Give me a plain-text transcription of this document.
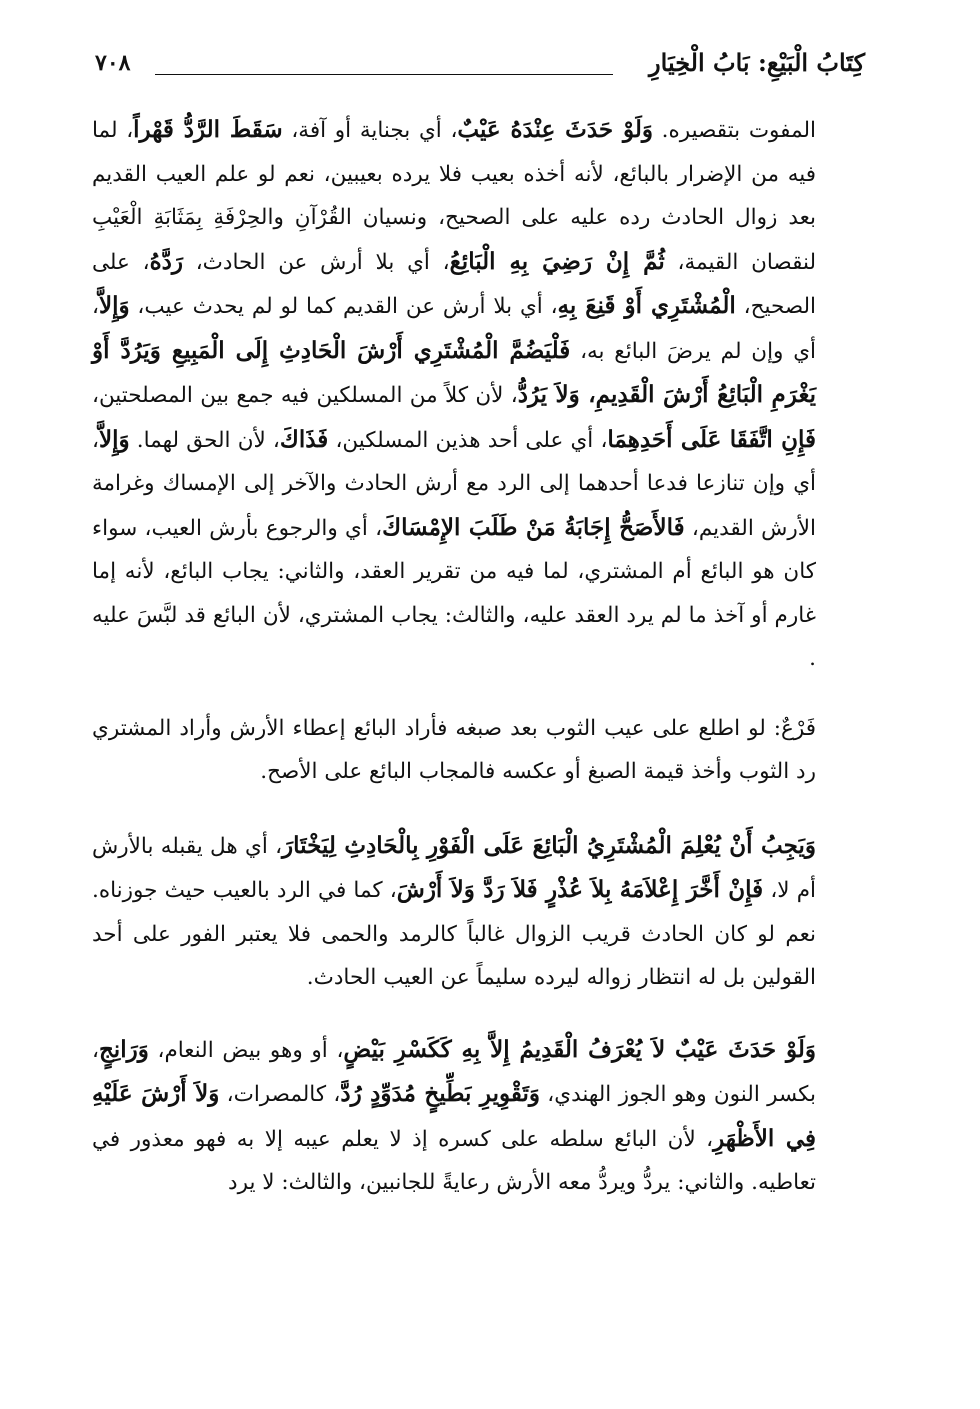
كِتَابُ الْبَيْعِ: بَابُ الْخِيَارِ
٧٠٨

المفوت بتقصيره. وَلَوْ حَدَثَ عِنْدَهُ عَيْبٌ، أي بجناية أو آفة، سَقَطَ الرَّدُّ قَهْراً، لما فيه من الإضرار بالبائع، لأنه أخذه بعيب فلا يرده بعيبين، نعم لو علم العيب القديم بعد زوال الحادث رده عليه على الصحيح، ونسيان القُرْآنِ والحِرْفَةِ بِمَثَابَةِ الْعَيْبِ لنقصان القيمة، ثُمَّ إِنْ رَضِيَ بِهِ الْبَائِعُ، أي بلا أرش عن الحادث، رَدَّهُ، على الصحيح، الْمُشْتَرِي أَوْ قَنِعَ بِهِ، أي بلا أرش عن القديم كما لو لم يحدث عيب، وَإِلاَّ، أي وإن لم يرضَ البائع به، فَلْيَضُمَّ الْمُشْتَرِي أَرْشَ الْحَادِثِ إِلَى الْمَبِيعِ وَيَرُدَّ أَوْ يَغْرَمِ الْبَائِعُ أَرْشَ الْقَدِيمِ، وَلاَ يَرُدُّ، لأن كلاً من المسلكين فيه جمع بين المصلحتين، فَإِنِ اتَّفَقَا عَلَى أَحَدِهِمَا، أي على أحد هذين المسلكين، فَذَاكَ، لأن الحق لهما. وَإِلاَّ، أي وإن تنازعا فدعا أحدهما إلى الرد مع أرش الحادث والآخر إلى الإمساك وغرامة الأرش القديم، فَالأَصَحُّ إِجَابَةُ مَنْ طَلَبَ الإِمْسَاكَ، أي والرجوع بأرش العيب، سواء كان هو البائع أم المشتري، لما فيه من تقرير العقد، والثاني: يجاب البائع، لأنه إما غارم أو آخذ ما لم يرد العقد عليه، والثالث: يجاب المشتري، لأن البائع قد لبَّسَ عليه .

فَرْعٌ: لو اطلع على عيب الثوب بعد صبغه فأراد البائع إعطاء الأرش وأراد المشتري رد الثوب وأخذ قيمة الصبغ أو عكسه فالمجاب البائع على الأصح.

وَيَجِبُ أَنْ يُعْلِمَ الْمُشْتَرِيُ الْبَائِعَ عَلَى الْفَوْرِ بِالْحَادِثِ لِيَخْتَارَ، أي هل يقبله بالأرش أم لا، فَإِنْ أَخَّرَ إِعْلاَمَهُ بِلاَ عُذْرٍ فَلاَ رَدَّ وَلاَ أَرْشَ، كما في الرد بالعيب حيث جوزناه. نعم لو كان الحادث قريب الزوال غالباً كالرمد والحمى فلا يعتبر الفور على أحد القولين بل له انتظار زواله ليرده سليماً عن العيب الحادث.

وَلَوْ حَدَثَ عَيْبٌ لاَ يُعْرَفُ الْقَدِيمُ إِلاَّ بِهِ كَكَسْرِ بَيْضٍ، أو وهو بيض النعام، وَرَانِجٍ، بكسر النون وهو الجوز الهندي، وَتَقْوِيرِ بَطِّيخٍ مُدَوِّدٍ رُدَّ، كالمصرات، وَلاَ أَرْشَ عَلَيْهِ فِي الأَظْهَرِ، لأن البائع سلطه على كسره إذ لا يعلم عيبه إلا به فهو معذور في تعاطيه. والثاني: يردُّ ويردُّ معه الأرش رعايةً للجانبين، والثالث: لا يرد
